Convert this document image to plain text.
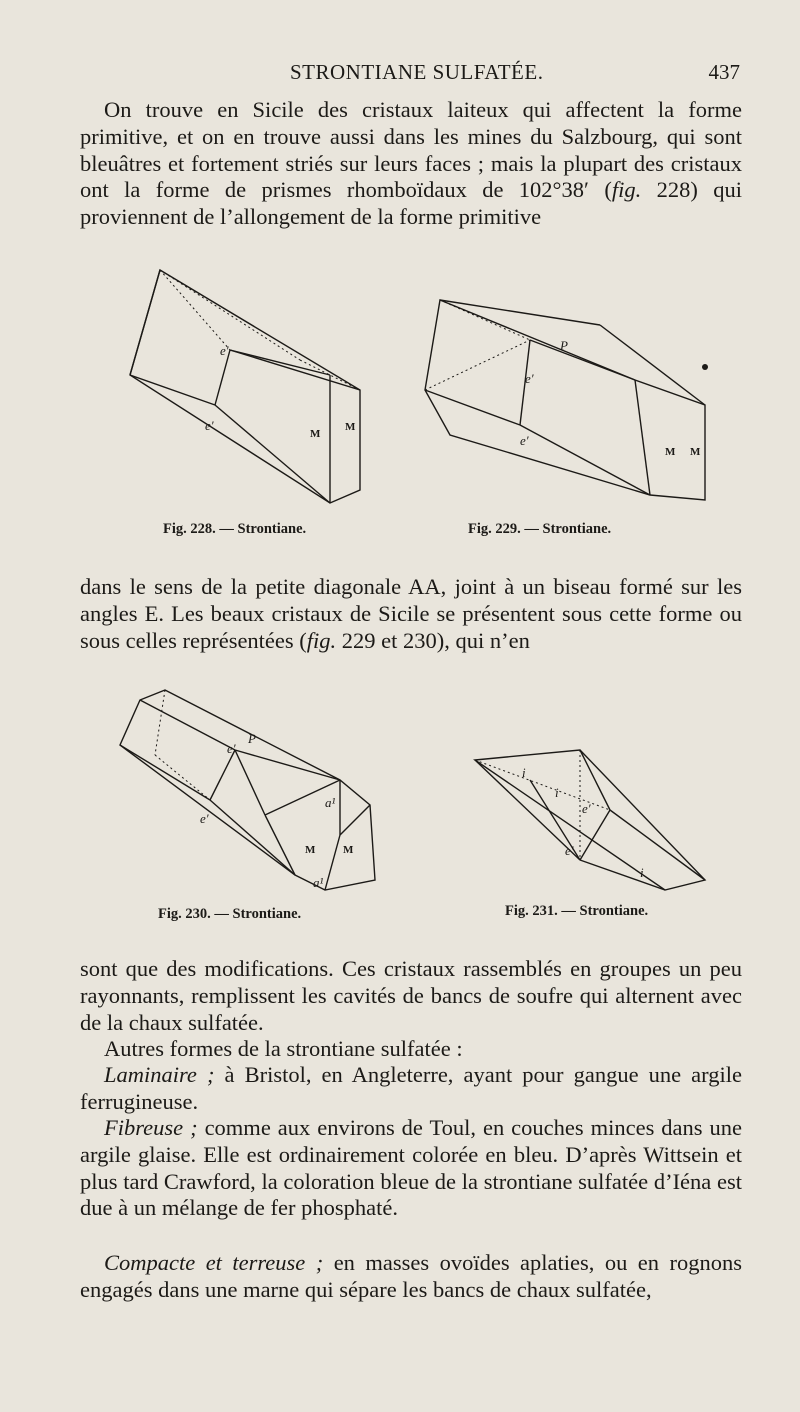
STRONTIANE SULFATÉE.	437

On trouve en Sicile des cristaux laiteux qui affectent la forme primitive, et on en trouve aussi dans les mines du Salzbourg, qui sont bleuâtres et fortement striés sur leurs faces ; mais la plupart des cristaux ont la forme de prismes rhomboïdaux de 102°38′ (fig. 228) qui proviennent de l’allongement de la forme primitive

e′
e′
M
M
Fig. 228. — Strontiane.
P
e′
e′
M M
Fig. 229. — Strontiane.

dans le sens de la petite diagonale AA, joint à un biseau formé sur les angles E. Les beaux cristaux de Sicile se présentent sous cette forme ou sous celles représentées (fig. 229 et 230), qui n’en

P
e′
e′
a¹
a¹
M	M
Fig. 230. — Strontiane.
i
i
e′
e′
i
Fig. 231. — Strontiane.

sont que des modifications. Ces cristaux rassemblés en groupes un peu rayonnants, remplissent les cavités de bancs de soufre qui alternent avec de la chaux sulfatée.

Autres formes de la strontiane sulfatée :

Laminaire ; à Bristol, en Angleterre, ayant pour gangue une argile ferrugineuse.

Fibreuse ; comme aux environs de Toul, en couches minces dans une argile glaise. Elle est ordinairement colorée en bleu. D’après Wittsein et plus tard Crawford, la coloration bleue de la strontiane sulfatée d’Iéna est due à un mélange de fer phosphaté.

Compacte et terreuse ; en masses ovoïdes aplaties, ou en rognons engagés dans une marne qui sépare les bancs de chaux sulfatée,
